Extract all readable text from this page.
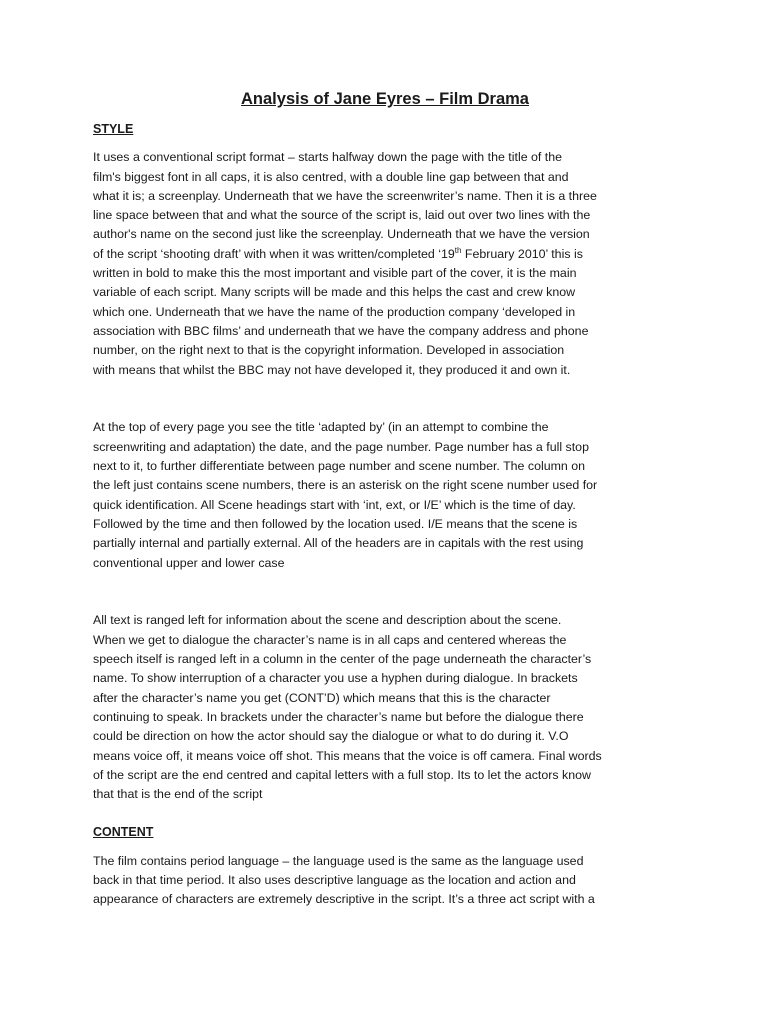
Analysis of Jane Eyres – Film Drama
STYLE
It uses a conventional script format – starts halfway down the page with the title of the
film's biggest font in all caps, it is also centred, with a double line gap between that and
what it is; a screenplay. Underneath that we have the screenwriter’s name. Then it is a three
line space between that and what the source of the script is, laid out over two lines with the
author's name on the second just like the screenplay. Underneath that we have the version
of the script ‘shooting draft’ with when it was written/completed ‘19th February 2010’ this is
written in bold to make this the most important and visible part of the cover, it is the main
variable of each script. Many scripts will be made and this helps the cast and crew know
which one. Underneath that we have the name of the production company ‘developed in
association with BBC films’ and underneath that we have the company address and phone
number, on the right next to that is the copyright information. Developed in association
with means that whilst the BBC may not have developed it, they produced it and own it.
At the top of every page you see the title ‘adapted by’ (in an attempt to combine the
screenwriting and adaptation) the date, and the page number. Page number has a full stop
next to it, to further differentiate between page number and scene number. The column on
the left just contains scene numbers, there is an asterisk on the right scene number used for
quick identification. All Scene headings start with ‘int, ext, or I/E’ which is the time of day.
Followed by the time and then followed by the location used. I/E means that the scene is
partially internal and partially external. All of the headers are in capitals with the rest using
conventional upper and lower case
All text is ranged left for information about the scene and description about the scene.
When we get to dialogue the character’s name is in all caps and centered whereas the
speech itself is ranged left in a column in the center of the page underneath the character’s
name. To show interruption of a character you use a hyphen during dialogue. In brackets
after the character’s name you get (CONT’D) which means that this is the character
continuing to speak. In brackets under the character’s name but before the dialogue there
could be direction on how the actor should say the dialogue or what to do during it. V.O
means voice off, it means voice off shot. This means that the voice is off camera. Final words
of the script are the end centred and capital letters with a full stop. Its to let the actors know
that that is the end of the script
CONTENT
The film contains period language – the language used is the same as the language used
back in that time period. It also uses descriptive language as the location and action and
appearance of characters are extremely descriptive in the script. It’s a three act script with a
